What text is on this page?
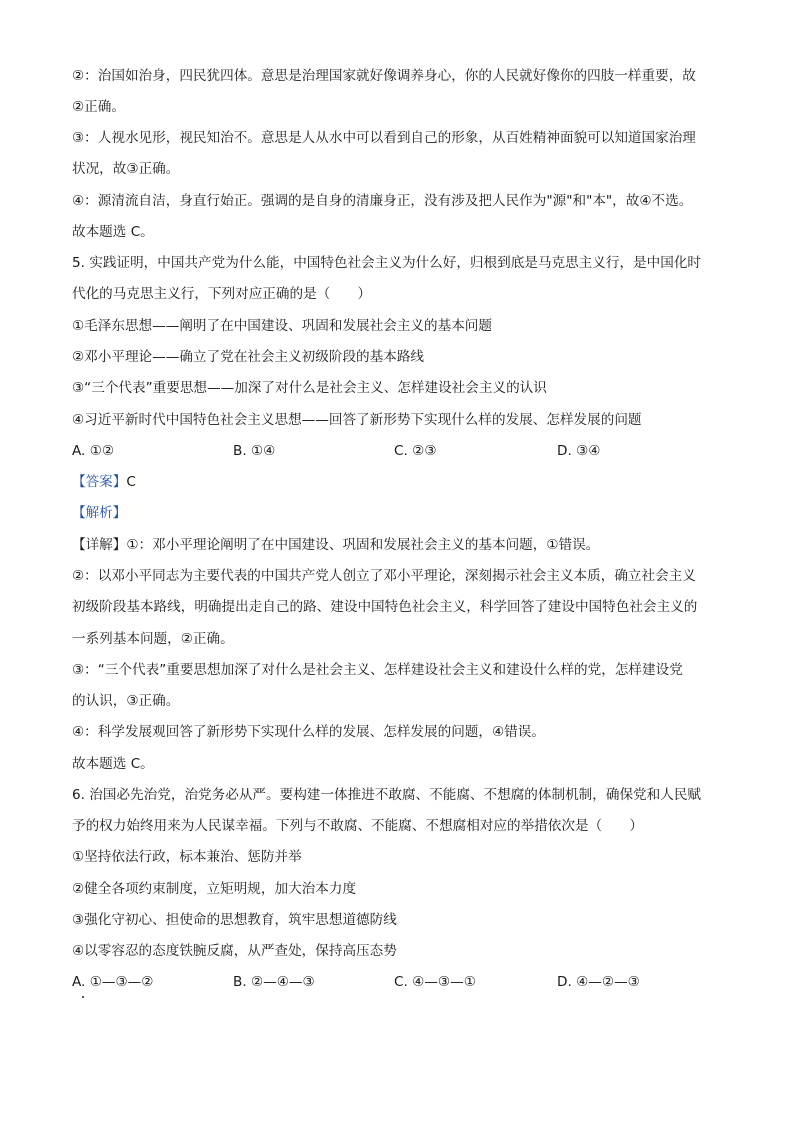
②：治国如治身，四民犹四体。意思是治理国家就好像调养身心，你的人民就好像你的四肢一样重要，故
②正确。
③：人视水见形，视民知治不。意思是人从水中可以看到自己的形象，从百姓精神面貌可以知道国家治理
状况，故③正确。
④：源清流自洁，身直行始正。强调的是自身的清廉身正，没有涉及把人民作为"源"和"本"，故④不选。
故本题选 C。
5. 实践证明，中国共产党为什么能，中国特色社会主义为什么好，归根到底是马克思主义行，是中国化时
代化的马克思主义行，下列对应正确的是（　　）
①毛泽东思想——阐明了在中国建设、巩固和发展社会主义的基本问题
②邓小平理论——确立了党在社会主义初级阶段的基本路线
③“三个代表”重要思想——加深了对什么是社会主义、怎样建设社会主义的认识
④习近平新时代中国特色社会主义思想——回答了新形势下实现什么样的发展、怎样发展的问题
A. ①②	B. ①④	C. ②③	D. ③④
【答案】C
【解析】
【详解】①：邓小平理论阐明了在中国建设、巩固和发展社会主义的基本问题，①错误。
②：以邓小平同志为主要代表的中国共产党人创立了邓小平理论，深刻揭示社会主义本质，确立社会主义
初级阶段基本路线，明确提出走自己的路、建设中国特色社会主义，科学回答了建设中国特色社会主义的
一系列基本问题，②正确。
③：“三个代表”重要思想加深了对什么是社会主义、怎样建设社会主义和建设什么样的党，怎样建设党
的认识，③正确。
④：科学发展观回答了新形势下实现什么样的发展、怎样发展的问题，④错误。
故本题选 C。
6. 治国必先治党，治党务必从严。要构建一体推进不敢腐、不能腐、不想腐的体制机制，确保党和人民赋
予的权力始终用来为人民谋幸福。下列与不敢腐、不能腐、不想腐相对应的举措依次是（　　）
①坚持依法行政，标本兼治、惩防并举
②健全各项约束制度，立矩明规，加大治本力度
③强化守初心、担使命的思想教育，筑牢思想道德防线
④以零容忍的态度铁腕反腐，从严查处，保持高压态势
A. ①—③—②	B. ②—④—③	C. ④—③—①	D. ④—②—③
